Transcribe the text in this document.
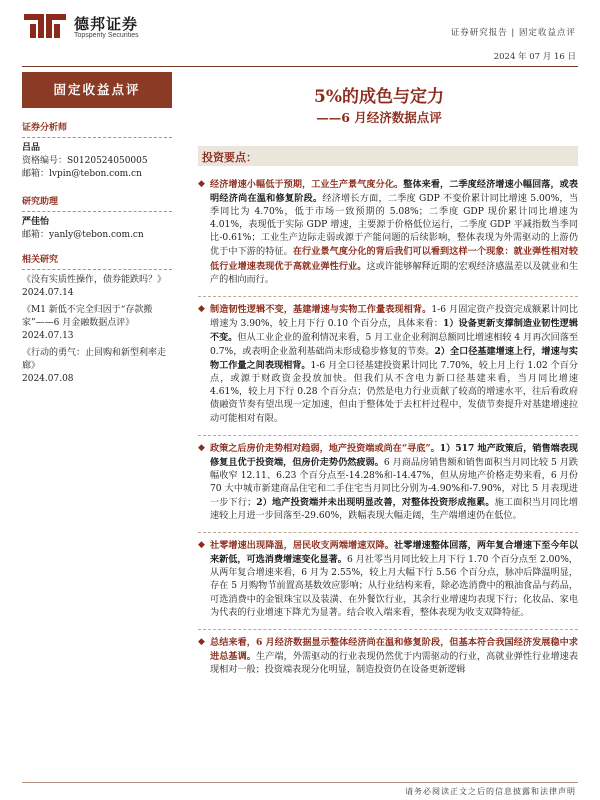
德邦证券
Topsperity Securities	证券研究报告 | 固定收益点评
2024 年 07 月 16 日
固定收益点评
证券分析师
吕品
资格编号：S0120524050005
邮箱：lvpin@tebon.com.cn
研究助理
严佳怡
邮箱：yanly@tebon.com.cn
相关研究
《没有实质性操作，债券能跌吗？》
2024.07.14
《M1 新低不完全归因于“存款搬家”——6 月金融数据点评》
2024.07.13
《行动的勇气：止回购和新型利率走廊》
2024.07.08
5%的成色与定力
——6 月经济数据点评
投资要点：
◆ 经济增速小幅低于预期，工业生产景气度分化。整体来看，二季度经济增速小幅回落，或表明经济尚在温和修复阶段。经济增长方面，二季度 GDP 不变价累计同比增速 5.00%，当季同比为 4.70%，低于市场一致预期的 5.08%；二季度 GDP 现价累计同比增速为 4.01%，表现低于实际 GDP 增速，主要源于价格低位运行，二季度 GDP 平减指数当季同比-0.61%；工业生产边际走弱或源于产能问题的后续影响，整体表现为外需驱动的上游仍优于中下游的特征。在行业景气度分化的背后我们可以看到这样一个现象：就业弹性相对较低行业增速表现优于高就业弹性行业。这或许能够解释近期的宏观经济感温差以及就业和生产的相向而行。
◆ 制造韧性逻辑不变，基建增速与实物工作量表现相背。1-6 月固定资产投资完成额累计同比增速为 3.90%，较上月下行 0.10 个百分点，具体来看：1）设备更新支撑制造业韧性逻辑不变。但从工业企业的盈利情况来看，5 月工业企业利润总额同比增速相较 4 月再次回落至 0.7%，或表明企业盈利基础尚未形成稳步修复的节奏。2）全口径基建增速上行，增速与实物工作量之间表现相背。1-6 月全口径基建投资累计同比 7.70%，较上月上行 1.02 个百分点，或源于财政资金投放加快。但我们从不含电力新口径基建来看，当月同比增速 4.61%，较上月下行 0.28 个百分点；仍然是电力行业贡献了较高的增速水平，往后看政府债融资节奏有望出现一定加速，但由于整体处于去杠杆过程中，发债节奏提升对基建增速拉动可能相对有限。
◆ 政策之后房价走势相对趋弱，地产投资端或尚在“寻底”。1）517 地产政策后，销售端表现修复且优于投资端，但房价走势仍然疲弱。6 月商品房销售额和销售面积当月同比较 5 月跌幅收窄 12.11、6.23 个百分点至-14.28%和-14.47%，但从房地产价格走势来看，6 月份 70 大中城市新建商品住宅和二手住宅当月同比分别为-4.90%和-7.90%，对比 5 月表现进一步下行；2）地产投资端并未出现明显改善，对整体投资形成拖累。施工面积当月同比增速较上月进一步回落至-29.60%，跌幅表现大幅走阔，生产端增速仍在低位。
◆ 社零增速出现降温，居民收支两端增速双降。社零增速整体回落，两年复合增速下至今年以来新低，可选消费增速变化显著。6 月社零当月同比较上月下行 1.70 个百分点至 2.00%，从两年复合增速来看，6 月为 2.55%，较上月大幅下行 5.56 个百分点，脉冲后降温明显，存在 5 月购物节前置高基数效应影响；从行业结构来看，除必选消费中的粮油食品与药品，可选消费中的金银珠宝以及装潢、在外餐饮行业，其余行业增速均表现下行；化妆品、家电为代表的行业增速下降尤为显著。结合收入端来看，整体表现为收支双降特征。
◆ 总结来看，6 月经济数据显示整体经济尚在温和修复阶段，但基本符合我国经济发展稳中求进总基调。生产端，外需驱动的行业表现仍然优于内需驱动的行业，高就业弹性行业增速表现相对一般；投资端表现分化明显，制造投资仍在设备更新逻辑
请务必阅读正文之后的信息披露和法律声明
